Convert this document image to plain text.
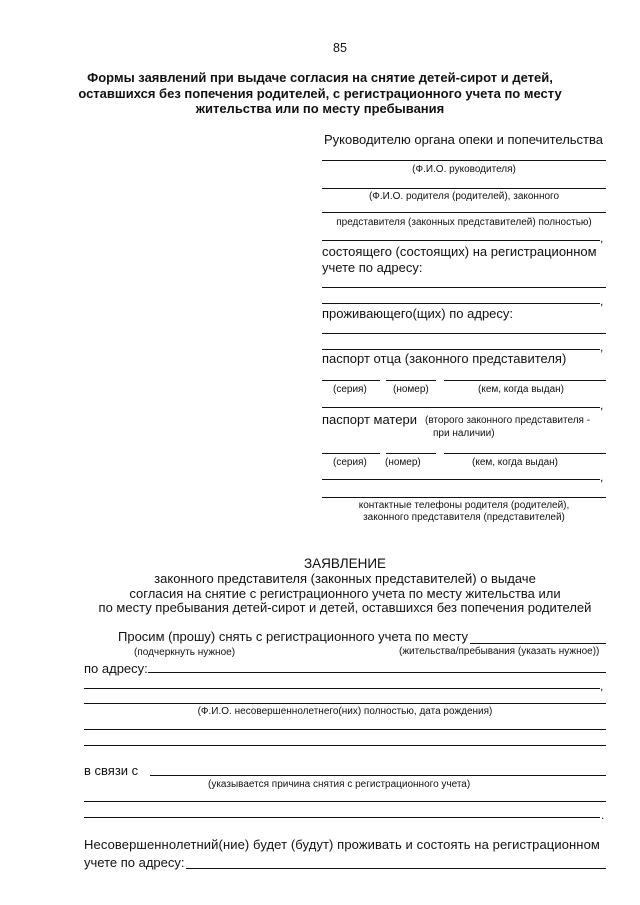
85
Формы заявлений при выдаче согласия на снятие детей-сирот и детей,
оставшихся без попечения родителей, с регистрационного учета по месту
жительства или по месту пребывания
Руководителю органа опеки и попечительства
(Ф.И.О. руководителя)
(Ф.И.О. родителя (родителей), законного
представителя (законных представителей) полностью)
,
состоящего (состоящих) на регистрационном
учете по адресу:
,
проживающего(щих) по адресу:
,
паспорт отца (законного представителя)
(серия)	(номер)	(кем, когда выдан)
,
паспорт матери (второго законного представителя -
при наличии)
(серия) (номер)	(кем, когда выдан)
,
контактные телефоны родителя (родителей),
законного представителя (представителей)
ЗАЯВЛЕНИЕ
законного представителя (законных представителей) о выдаче
согласия на снятие с регистрационного учета по месту жительства или
по месту пребывания детей-сирот и детей, оставшихся без попечения родителей
Просим (прошу) снять с регистрационного учета по месту
(подчеркнуть нужное)	(жительства/пребывания (указать нужное))
по адресу:
,
(Ф.И.О. несовершеннолетнего(них) полностью, дата рождения)
в связи с
(указывается причина снятия с регистрационного учета)
.
Несовершеннолетний(ние) будет (будут) проживать и состоять на регистрационном
учете по адресу:
